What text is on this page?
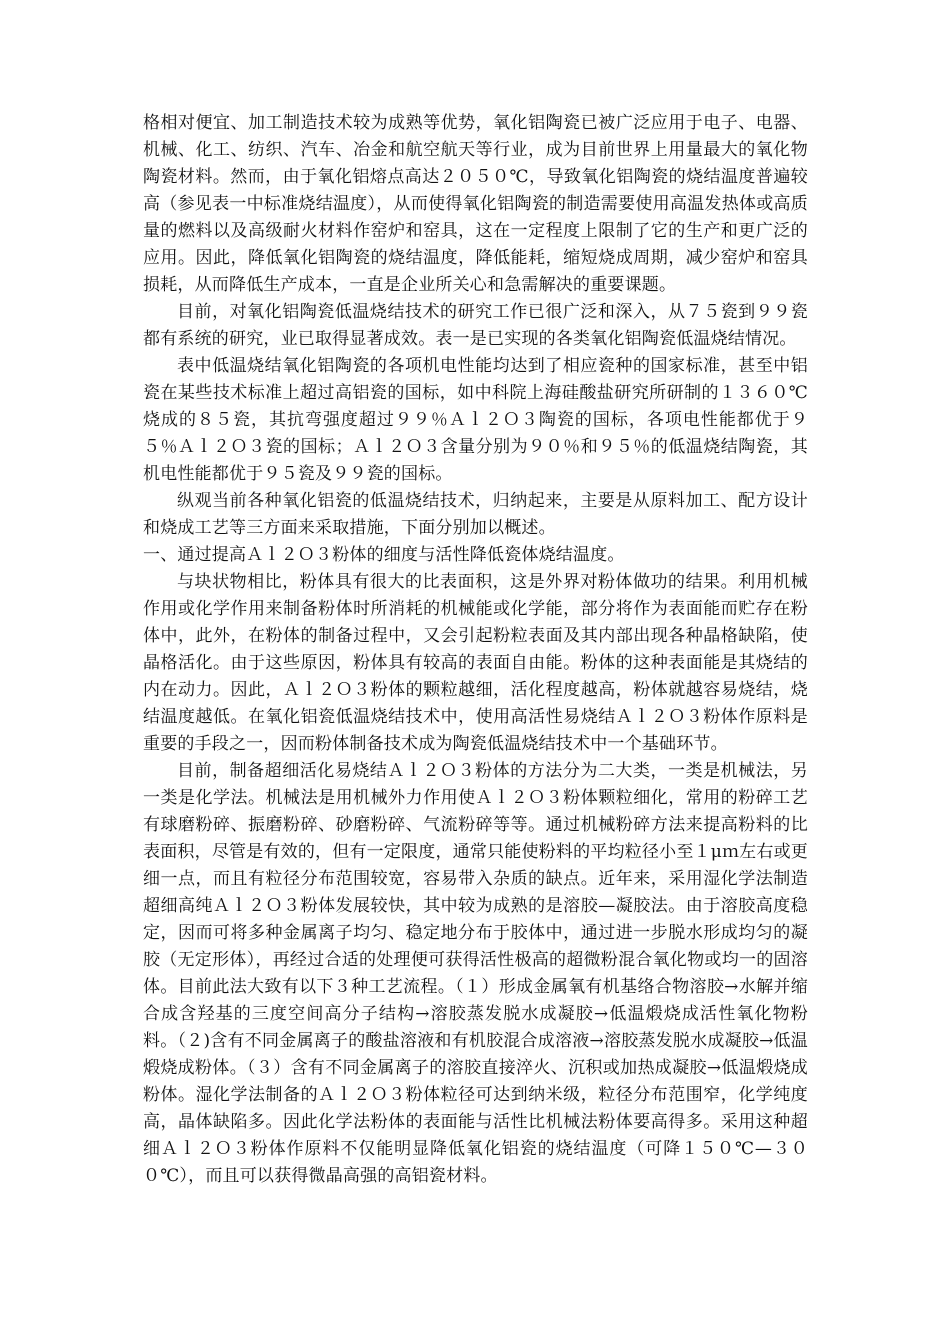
格相对便宜、加工制造技术较为成熟等优势，氧化铝陶瓷已被广泛应用于电子、电器、机械、化工、纺织、汽车、冶金和航空航天等行业，成为目前世界上用量最大的氧化物陶瓷材料。然而，由于氧化铝熔点高达２０５０℃，导致氧化铝陶瓷的烧结温度普遍较高（参见表一中标准烧结温度），从而使得氧化铝陶瓷的制造需要使用高温发热体或高质量的燃料以及高级耐火材料作窑炉和窑具，这在一定程度上限制了它的生产和更广泛的应用。因此，降低氧化铝陶瓷的烧结温度，降低能耗，缩短烧成周期，减少窑炉和窑具损耗，从而降低生产成本，一直是企业所关心和急需解决的重要课题。

目前，对氧化铝陶瓷低温烧结技术的研究工作已很广泛和深入，从７５瓷到９９瓷都有系统的研究，业已取得显著成效。表一是已实现的各类氧化铝陶瓷低温烧结情况。

表中低温烧结氧化铝陶瓷的各项机电性能均达到了相应瓷种的国家标准，甚至中铝瓷在某些技术标准上超过高铝瓷的国标，如中科院上海硅酸盐研究所研制的１３６０℃烧成的８５瓷，其抗弯强度超过９９％Ａｌ２Ｏ３陶瓷的国标，各项电性能都优于９５％Ａｌ２Ｏ３瓷的国标；Ａｌ２Ｏ３含量分别为９０％和９５％的低温烧结陶瓷，其机电性能都优于９５瓷及９９瓷的国标。

纵观当前各种氧化铝瓷的低温烧结技术，归纳起来，主要是从原料加工、配方设计和烧成工艺等三方面来采取措施，下面分别加以概述。

一、通过提高Ａｌ２Ｏ３粉体的细度与活性降低瓷体烧结温度。

与块状物相比，粉体具有很大的比表面积，这是外界对粉体做功的结果。利用机械作用或化学作用来制备粉体时所消耗的机械能或化学能，部分将作为表面能而贮存在粉体中，此外，在粉体的制备过程中，又会引起粉粒表面及其内部出现各种晶格缺陷，使晶格活化。由于这些原因，粉体具有较高的表面自由能。粉体的这种表面能是其烧结的内在动力。因此，Ａｌ２Ｏ３粉体的颗粒越细，活化程度越高，粉体就越容易烧结，烧结温度越低。在氧化铝瓷低温烧结技术中，使用高活性易烧结Ａｌ２Ｏ３粉体作原料是重要的手段之一，因而粉体制备技术成为陶瓷低温烧结技术中一个基础环节。

目前，制备超细活化易烧结Ａｌ２Ｏ３粉体的方法分为二大类，一类是机械法，另一类是化学法。机械法是用机械外力作用使Ａｌ２Ｏ３粉体颗粒细化，常用的粉碎工艺有球磨粉碎、振磨粉碎、砂磨粉碎、气流粉碎等等。通过机械粉碎方法来提高粉料的比表面积，尽管是有效的，但有一定限度，通常只能使粉料的平均粒径小至１μｍ左右或更细一点，而且有粒径分布范围较宽，容易带入杂质的缺点。近年来，采用湿化学法制造超细高纯Ａｌ２Ｏ３粉体发展较快，其中较为成熟的是溶胶—凝胶法。由于溶胶高度稳定，因而可将多种金属离子均匀、稳定地分布于胶体中，通过进一步脱水形成均匀的凝胶（无定形体），再经过合适的处理便可获得活性极高的超微粉混合氧化物或均一的固溶体。目前此法大致有以下３种工艺流程。（１）形成金属氧有机基络合物溶胶→水解并缩合成含羟基的三度空间高分子结构→溶胶蒸发脱水成凝胶→低温煅烧成活性氧化物粉料。（２)含有不同金属离子的酸盐溶液和有机胶混合成溶液→溶胶蒸发脱水成凝胶→低温煅烧成粉体。（３）含有不同金属离子的溶胶直接淬火、沉积或加热成凝胶→低温煅烧成粉体。湿化学法制备的Ａｌ２Ｏ３粉体粒径可达到纳米级，粒径分布范围窄，化学纯度高，晶体缺陷多。因此化学法粉体的表面能与活性比机械法粉体要高得多。采用这种超细Ａｌ２Ｏ３粉体作原料不仅能明显降低氧化铝瓷的烧结温度（可降１５０℃—３００℃），而且可以获得微晶高强的高铝瓷材料。
